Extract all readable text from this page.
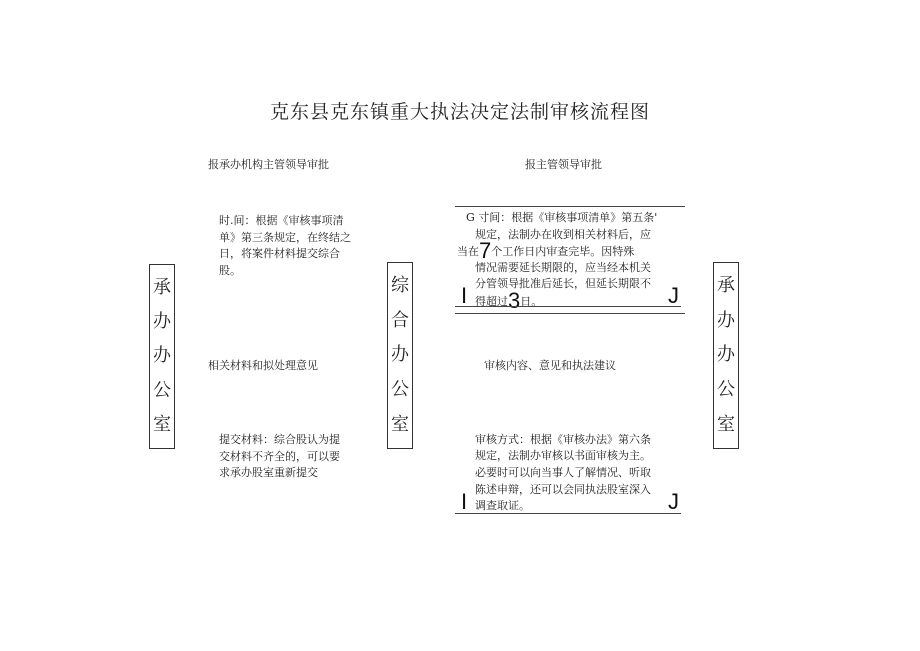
克东县克东镇重大执法决定法制审核流程图
报承办机构主管领导审批
时.间：根据《审核事项清单》第三条规定，在终结之日，将案件材料提交综合股。
相关材料和拟处理意见
提交材料：综合股认为提交材料不齐全的，可以要求承办股室重新提交
承
办
办
公
室
综
合
办
公
室
承
办
办
公
室
报主管领导审批
G 寸间：根据《审核事项清单》第五条'
规定，法制办在收到相关材料后，应
当在7个工作日内审查完毕。因特殊
情况需要延长期限的，应当经本机关
分管领导批准后延长，但延长期限不
I 得超过3日。	J
审核内容、意见和执法建议
审核方式：根据《审核办法》第六条
规定，法制办审核以书面审核为主。
必要时可以向当事人了解情况、听取
陈述申辩，还可以会同执法股室深入
I 调查取证。	J
